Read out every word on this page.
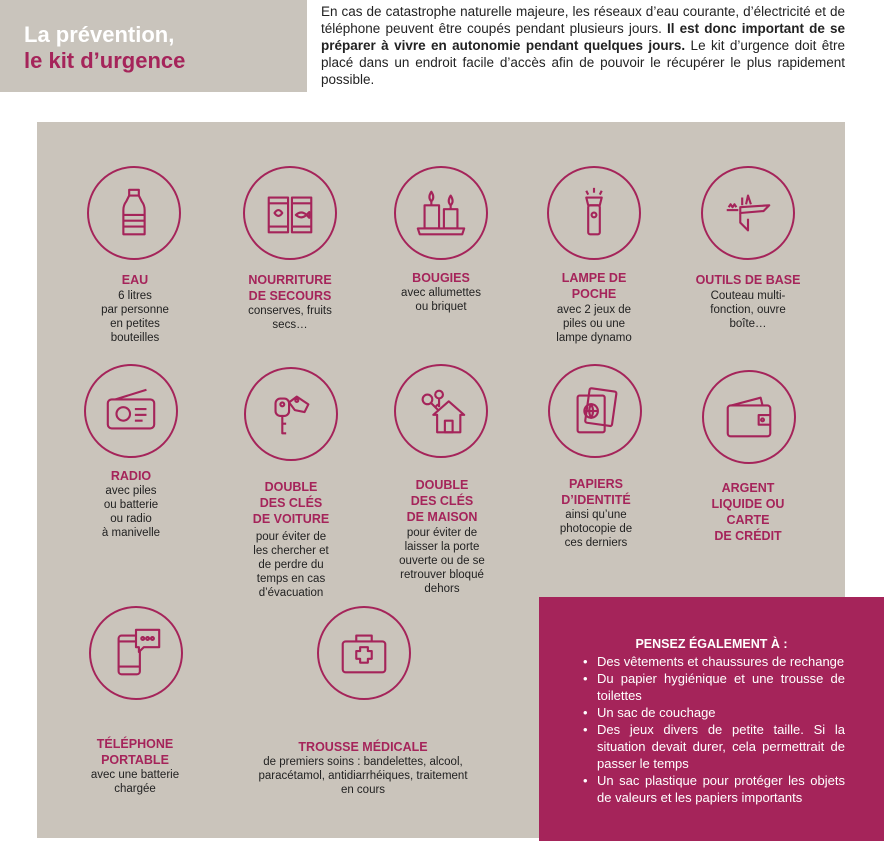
La prévention,
le kit d’urgence
En cas de catastrophe naturelle majeure, les réseaux d’eau courante, d’électricité et de téléphone peuvent être coupés pendant plusieurs jours. Il est donc important de se préparer à vivre en autonomie pendant quelques jours. Le kit d’urgence doit être placé dans un endroit facile d’accès afin de pouvoir le récupérer le plus rapidement possible.
EAU
6 litres
par personne
en petites
bouteilles
NOURRITURE
DE SECOURS
conserves, fruits
secs…
BOUGIES
avec allumettes
ou briquet
LAMPE DE
POCHE
avec 2 jeux de
piles ou une
lampe dynamo
OUTILS DE BASE
Couteau multi-
fonction, ouvre
boîte…
RADIO
avec piles
ou batterie
ou radio
à manivelle
DOUBLE
DES CLÉS
DE VOITURE
pour éviter de
les chercher et
de perdre du
temps en cas
d’évacuation
DOUBLE
DES CLÉS
DE MAISON
pour éviter de
laisser la porte
ouverte ou de se
retrouver bloqué
dehors
PAPIERS
D’IDENTITÉ
ainsi qu’une
photocopie de
ces derniers
ARGENT
LIQUIDE OU
CARTE
DE CRÉDIT
TÉLÉPHONE
PORTABLE
avec une batterie
chargée
TROUSSE MÉDICALE
de premiers soins : bandelettes, alcool,
paracétamol, antidiarrhéiques, traitement
en cours
PENSEZ ÉGALEMENT À :
• Des vêtements et chaussures de rechange
• Du papier hygiénique et une trousse de toilettes
• Un sac de couchage
• Des jeux divers de petite taille. Si la situation devait durer, cela permettrait de passer le temps
• Un sac plastique pour protéger les objets de valeurs et les papiers importants
